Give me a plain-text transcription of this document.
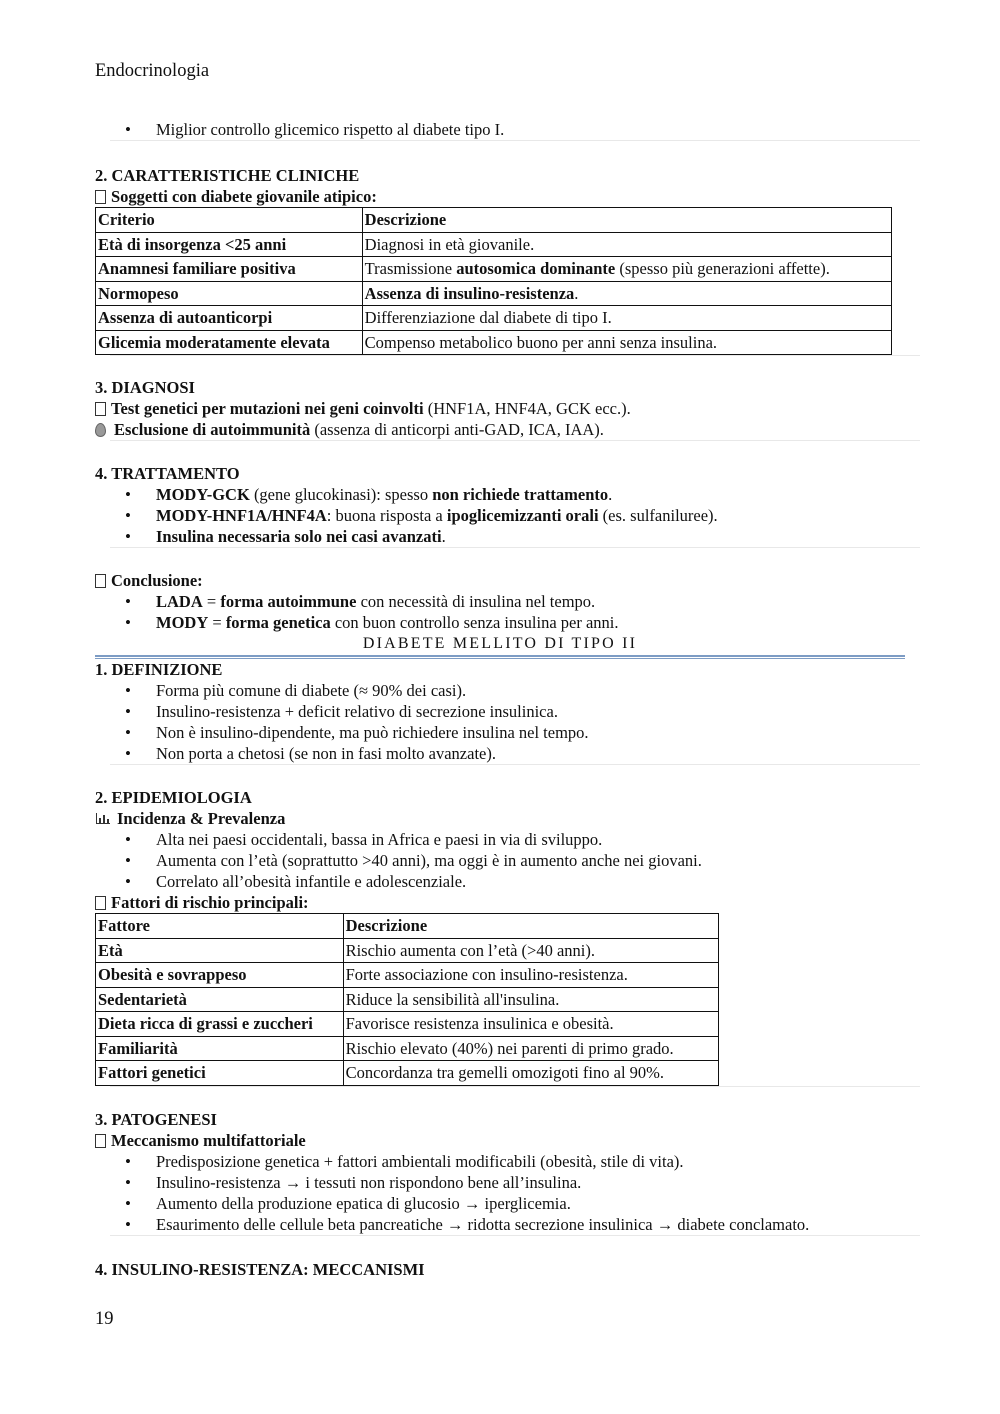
Endocrinologia
• Miglior controllo glicemico rispetto al diabete tipo I.
2. CARATTERISTICHE CLINICHE
Soggetti con diabete giovanile atipico:
Criterio	Descrizione
Età di insorgenza <25 anni	Diagnosi in età giovanile.
Anamnesi familiare positiva	Trasmissione autosomica dominante (spesso più generazioni affette).
Normopeso	Assenza di insulino-resistenza.
Assenza di autoanticorpi	Differenziazione dal diabete di tipo I.
Glicemia moderatamente elevata	Compenso metabolico buono per anni senza insulina.
3. DIAGNOSI
Test genetici per mutazioni nei geni coinvolti (HNF1A, HNF4A, GCK ecc.).
Esclusione di autoimmunità (assenza di anticorpi anti-GAD, ICA, IAA).
4. TRATTAMENTO
• MODY-GCK (gene glucokinasi): spesso non richiede trattamento.
• MODY-HNF1A/HNF4A: buona risposta a ipoglicemizzanti orali (es. sulfaniluree).
• Insulina necessaria solo nei casi avanzati.
Conclusione:
• LADA = forma autoimmune con necessità di insulina nel tempo.
• MODY = forma genetica con buon controllo senza insulina per anni.
DIABETE MELLITO DI TIPO II
1. DEFINIZIONE
• Forma più comune di diabete (≈ 90% dei casi).
• Insulino-resistenza + deficit relativo di secrezione insulinica.
• Non è insulino-dipendente, ma può richiedere insulina nel tempo.
• Non porta a chetosi (se non in fasi molto avanzate).
2. EPIDEMIOLOGIA
Incidenza & Prevalenza
• Alta nei paesi occidentali, bassa in Africa e paesi in via di sviluppo.
• Aumenta con l’età (soprattutto >40 anni), ma oggi è in aumento anche nei giovani.
• Correlato all’obesità infantile e adolescenziale.
Fattori di rischio principali:
Fattore	Descrizione
Età	Rischio aumenta con l’età (>40 anni).
Obesità e sovrappeso	Forte associazione con insulino-resistenza.
Sedentarietà	Riduce la sensibilità all'insulina.
Dieta ricca di grassi e zuccheri	Favorisce resistenza insulinica e obesità.
Familiarità	Rischio elevato (40%) nei parenti di primo grado.
Fattori genetici	Concordanza tra gemelli omozigoti fino al 90%.
3. PATOGENESI
Meccanismo multifattoriale
• Predisposizione genetica + fattori ambientali modificabili (obesità, stile di vita).
• Insulino-resistenza → i tessuti non rispondono bene all’insulina.
• Aumento della produzione epatica di glucosio → iperglicemia.
• Esaurimento delle cellule beta pancreatiche → ridotta secrezione insulinica → diabete conclamato.
4. INSULINO-RESISTENZA: MECCANISMI
19
